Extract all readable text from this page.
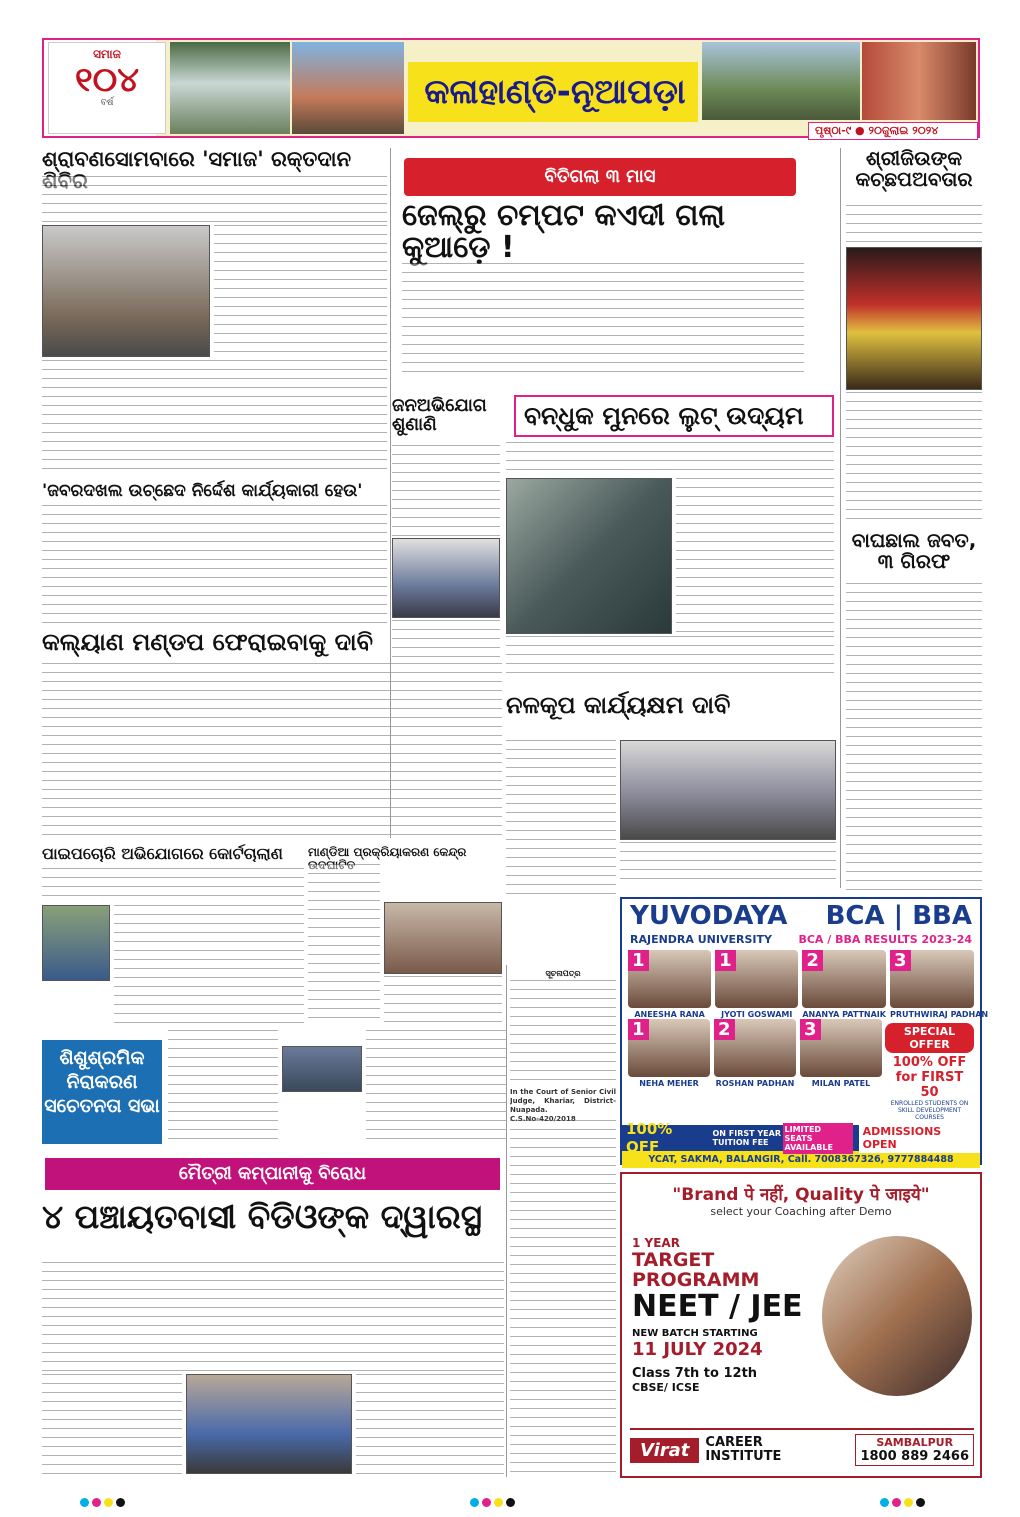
ସମାଜ
୧୦୪
ବର୍ଷ	କଳାହାଣ୍ଡି-ନୂଆପଡ଼ା
ପୃଷ୍ଠା-୯ ● ୨୦ଜୁଲାଇ ୨୦୨୪
ଶ୍ରାବଣସୋମବାରେ 'ସମାଜ' ରକ୍ତଦାନ ଶିବିର	ବିତିଗଲା ୩ ମାସ
ଜେଲ୍‌ରୁ ଚମ୍ପଟ କଏଦୀ ଗଲା କୁଆଡ଼େ !
ଶ୍ରୀଜିଉଙ୍କ କଚ୍ଛପଅବତାର
ଜନଅଭିଯୋଗ ଶୁଣାଣି	ବନ୍ଧୁକ ମୁନରେ ଲୁଟ୍ ଉଦ୍ୟମ
'ଜବରଦଖଲ ଉଚ୍ଛେଦ ନିର୍ଦ୍ଦେଶ କାର୍ଯ୍ୟକାରୀ ହେଉ'
ବାଘଛାଲ ଜବତ, ୩ ଗିରଫ
କଲ୍ୟାଣ ମଣ୍ଡପ ଫେରାଇବାକୁ ଦାବି
ନଳକୂପ କାର୍ଯ୍ୟକ୍ଷମ ଦାବି
ପାଇପଚୋରି ଅଭିଯୋଗରେ କୋର୍ଟଚାଲାଣ	ମାଣ୍ଡିଆ ପ୍ରକ୍ରିୟାକରଣ କେନ୍ଦ୍ର ଉଦଘାଟିତ
ସୂଚନାପତ୍ର
ଶିଶୁଶ୍ରମିକ ନିରାକରଣ ସଚେତନତା ସଭା
In the Court of Senior Civil Judge, Khariar, District-Nuapada.
C.S.No-420/2018
ମୈତ୍ରୀ କମ୍ପାନୀକୁ ବିରୋଧ
୪ ପଞ୍ଚାୟତବାସୀ ବିଡିଓଙ୍କ ଦ୍ୱାରସ୍ଥ
YUVODAYA BCA | BBA
RAJENDRA UNIVERSITY BCA / BBA RESULTS 2023-24
1
ANEESHA RANA
1
JYOTI GOSWAMI
2
ANANYA PATTNAIK
3
PRUTHWIRAJ PADHAN
1
NEHA MEHER
2
ROSHAN PADHAN
3
MILAN PATEL
SPECIAL OFFER
100% OFF for FIRST 50
ENROLLED STUDENTS ON SKILL DEVELOPMENT COURSES
100% OFF
ON FIRST YEAR TUITION FEE
LIMITED SEATS AVAILABLE
ADMISSIONS OPEN
YCAT, SAKMA, BALANGIR, Call. 7008367326, 9777884488
"Brand पे नहीं, Quality पे जाइये"
select your Coaching after Demo
1 YEAR
TARGET PROGRAMM
NEET / JEE
NEW BATCH STARTING
11 JULY 2024
Class 7th to 12th
CBSE/ ICSE
Virat	CAREER INSTITUTE
SAMBALPUR
1800 889 2466
